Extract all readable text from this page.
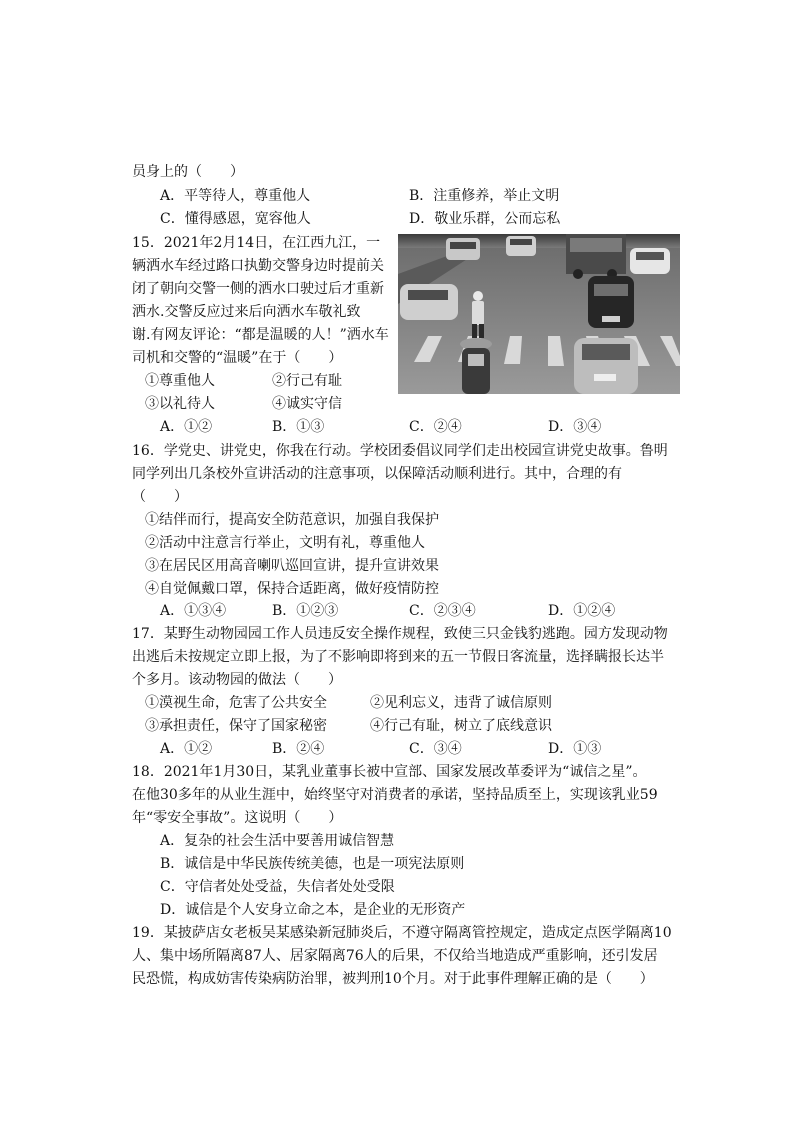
员身上的（　　）
A．平等待人，尊重他人	B．注重修养，举止文明
C．懂得感恩，宽容他人	D．敬业乐群，公而忘私
15．2021年2月14日，在江西九江，一
辆洒水车经过路口执勤交警身边时提前关
闭了朝向交警一侧的洒水口驶过后才重新
洒水.交警反应过来后向洒水车敬礼致
谢.有网友评论：“都是温暖的人！”洒水车
司机和交警的“温暖”在于（　　）
①尊重他人	②行己有耻
③以礼待人	④诚实守信
A．①②	B．①③	C．②④	D．③④
16．学党史、讲党史，你我在行动。学校团委倡议同学们走出校园宣讲党史故事。鲁明
同学列出几条校外宣讲活动的注意事项，以保障活动顺利进行。其中，合理的有
（　　）
①结伴而行，提高安全防范意识，加强自我保护
②活动中注意言行举止，文明有礼，尊重他人
③在居民区用高音喇叭巡回宣讲，提升宣讲效果
④自觉佩戴口罩，保持合适距离，做好疫情防控
A．①③④	B．①②③	C．②③④	D．①②④
17．某野生动物园园工作人员违反安全操作规程，致使三只金钱豹逃跑。园方发现动物
出逃后未按规定立即上报，为了不影响即将到来的五一节假日客流量，选择瞒报长达半
个多月。该动物园的做法（　　）
①漠视生命，危害了公共安全	②见利忘义，违背了诚信原则
③承担责任，保守了国家秘密	④行己有耻，树立了底线意识
A．①②	B．②④	C．③④	D．①③
18．2021年1月30日，某乳业董事长被中宣部、国家发展改革委评为“诚信之星”。
在他30多年的从业生涯中，始终坚守对消费者的承诺，坚持品质至上，实现该乳业59
年“零安全事故”。这说明（　　）
A．复杂的社会生活中要善用诚信智慧
B．诚信是中华民族传统美德，也是一项宪法原则
C．守信者处处受益，失信者处处受限
D．诚信是个人安身立命之本，是企业的无形资产
19．某披萨店女老板吴某感染新冠肺炎后，不遵守隔离管控规定，造成定点医学隔离10
人、集中场所隔离87人、居家隔离76人的后果，不仅给当地造成严重影响，还引发居
民恐慌，构成妨害传染病防治罪，被判刑10个月。对于此事件理解正确的是（　　）
